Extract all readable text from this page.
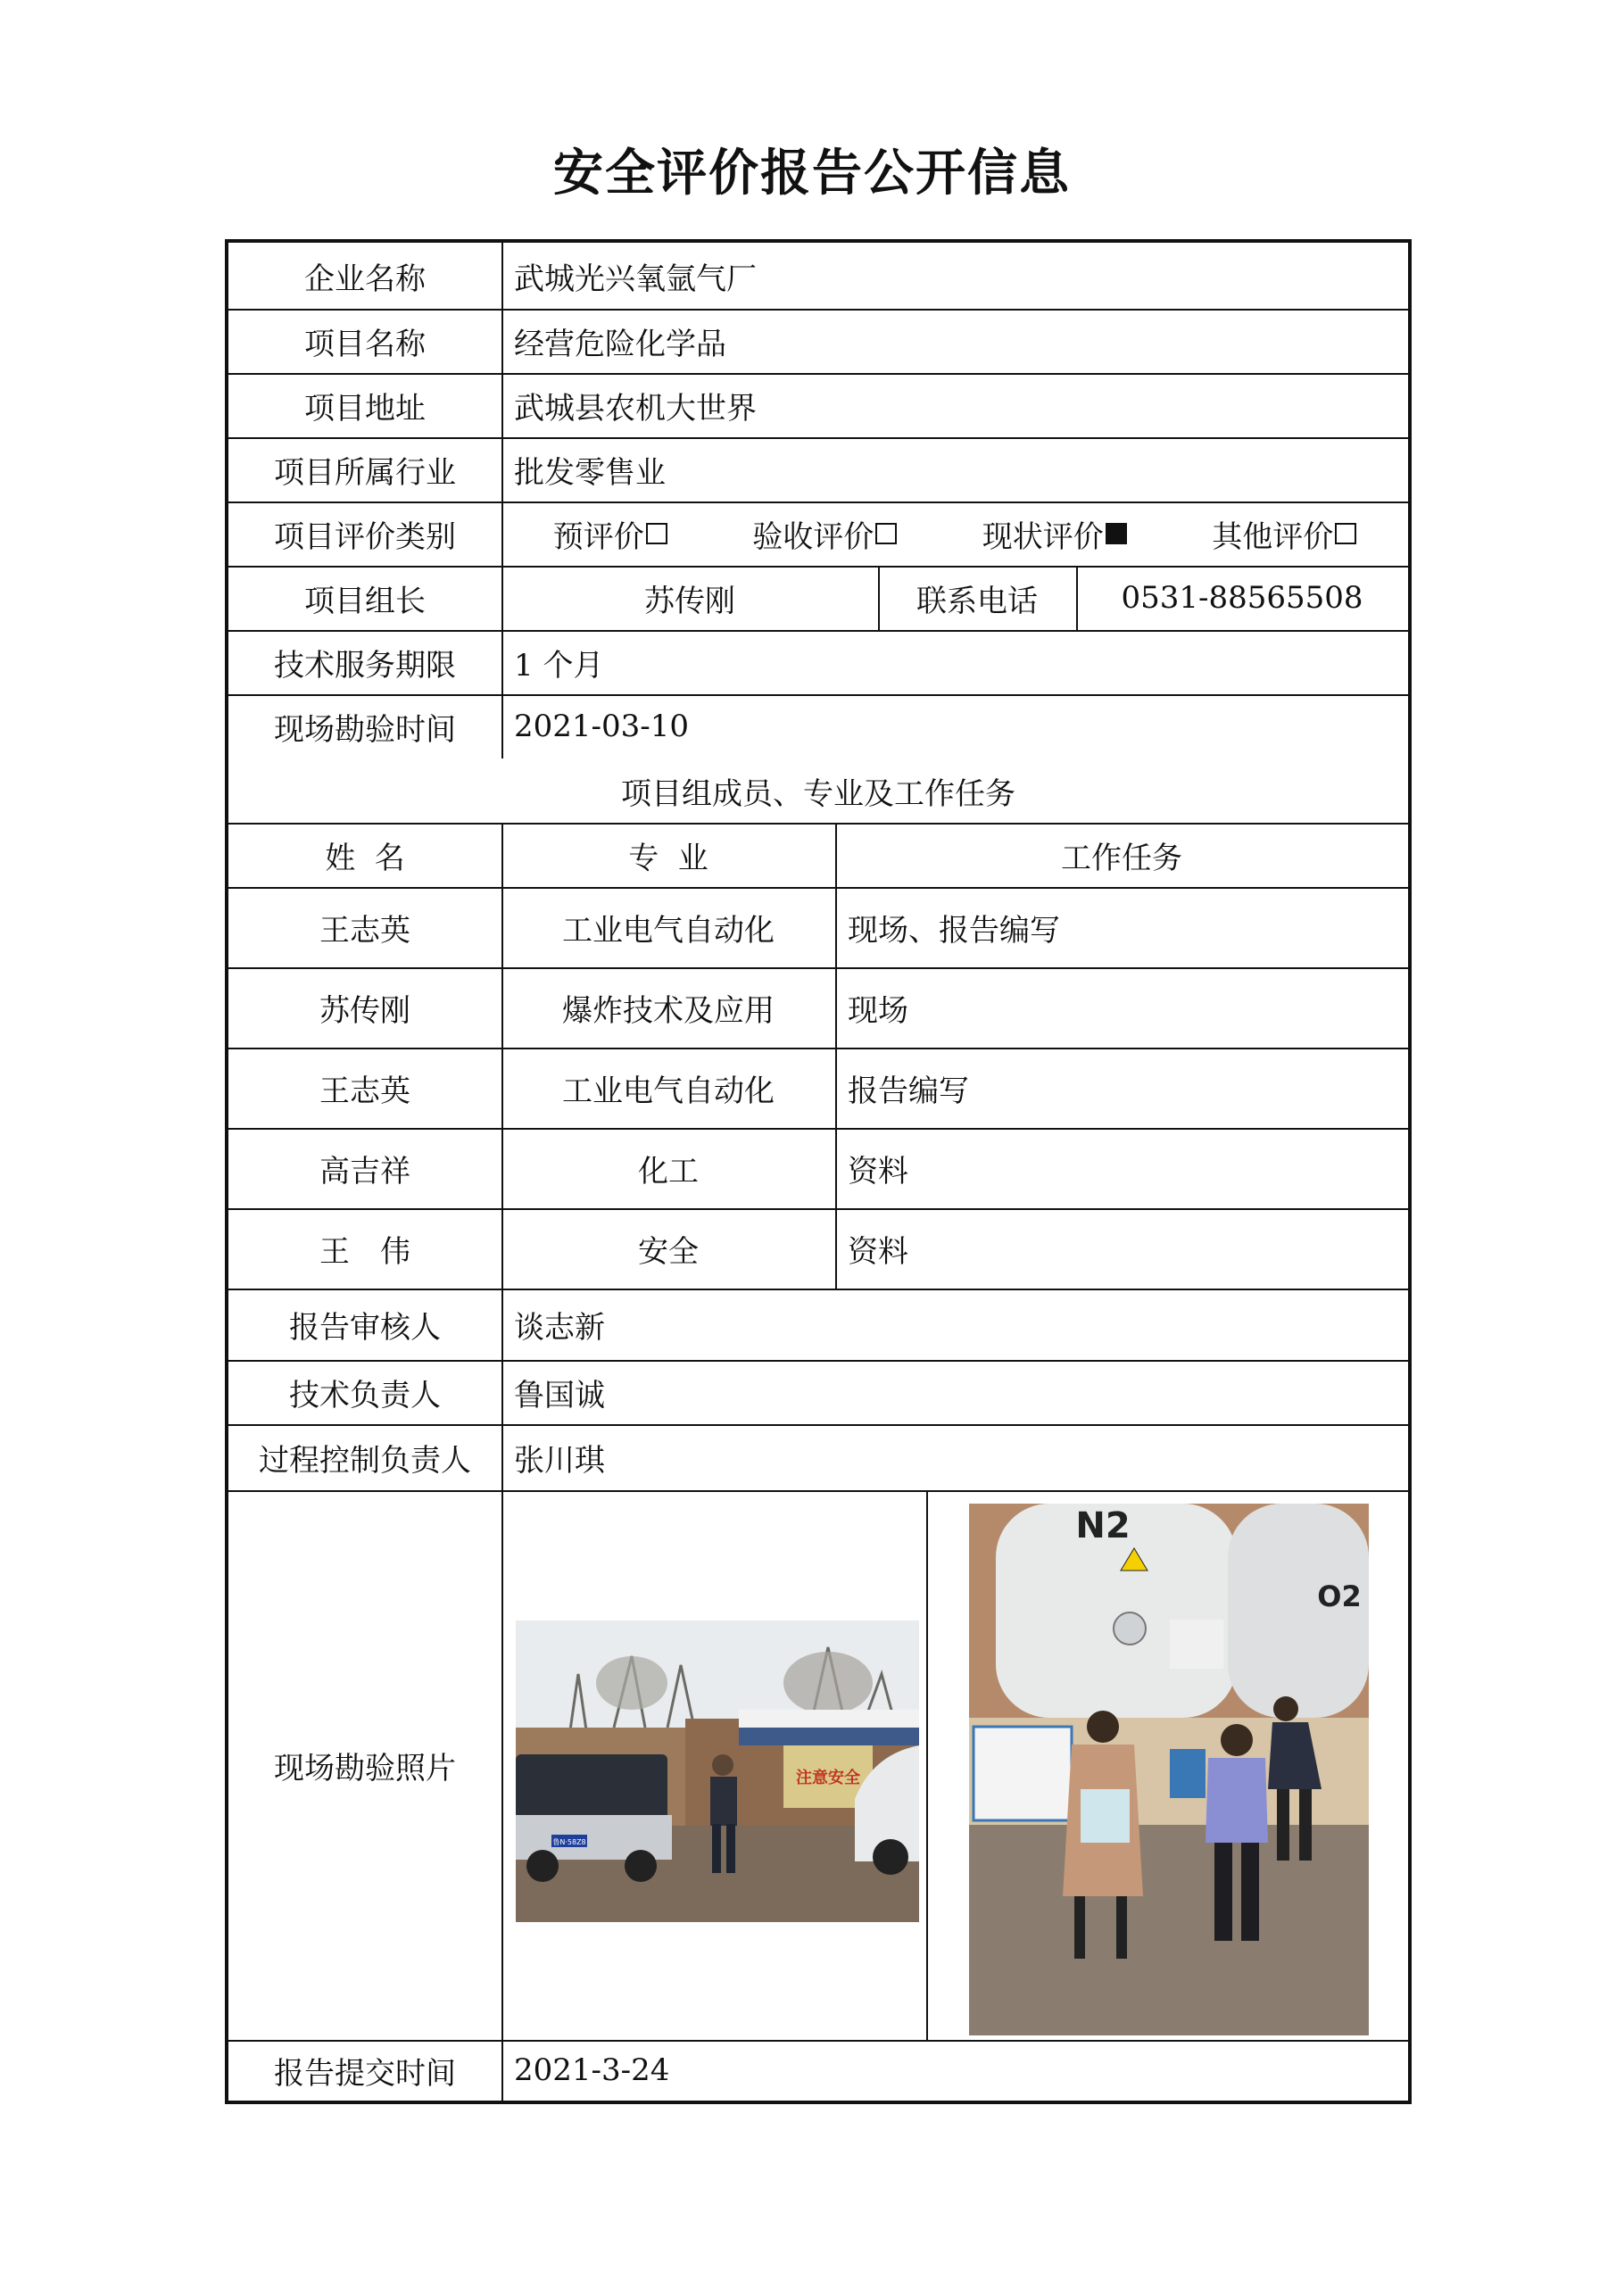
安全评价报告公开信息
企业名称	武城光兴氧氩气厂
项目名称	经营危险化学品
项目地址	武城县农机大世界
项目所属行业	批发零售业
项目评价类别	预评价	验收评价	现状评价	其他评价
项目组长	苏传刚	联系电话	0531-88565508
技术服务期限	1 个月
现场勘验时间	2021-03-10
项目组成员、专业及工作任务
姓  名	专  业	工作任务
王志英	工业电气自动化	现场、报告编写
苏传刚	爆炸技术及应用	现场
王志英	工业电气自动化	报告编写
高吉祥	化工	资料
王　伟	安全	资料
报告审核人	谈志新
技术负责人	鲁国诚
过程控制负责人	张川琪
现场勘验照片	注意安全
鲁N·58Z8
N2
O2
报告提交时间	2021-3-24
